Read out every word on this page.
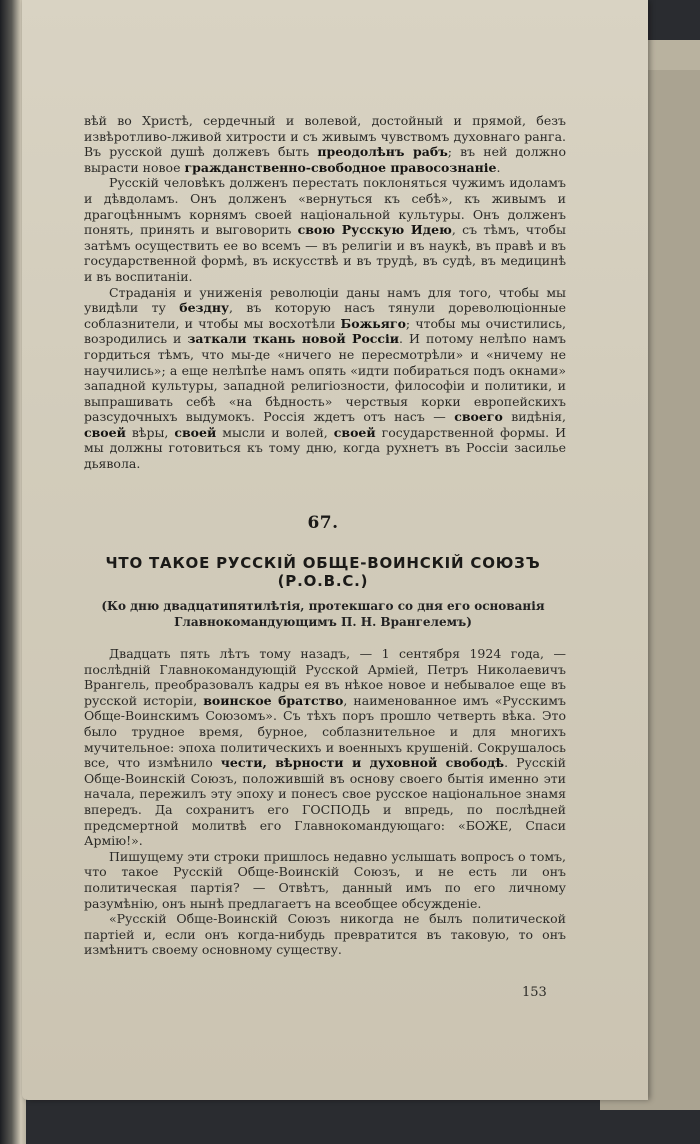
вѣй во Христѣ, сердечный и волевой, достойный и прямой, безъ извѣротливо-лживой хитрости и съ живымъ чувствомъ духовнаго ранга. Въ русской душѣ должевъ быть преодолѣнъ рабъ; въ ней должно вырасти новое гражданственно-свободное правосознаніе.

Русскій человѣкъ долженъ перестать поклоняться чужимъ идоламъ и дѣвдоламъ. Онъ долженъ «вернуться къ себѣ», къ живымъ и драгоцѣннымъ корнямъ своей національной культуры. Онъ долженъ понять, принять и выговорить свою Русскую Идею, съ тѣмъ, чтобы затѣмъ осуществить ее во всемъ — въ религіи и въ наукѣ, въ правѣ и въ государственной формѣ, въ искусствѣ и въ трудѣ, въ судѣ, въ медицинѣ и въ воспитаніи.

Страданія и униженія революціи даны намъ для того, чтобы мы увидѣли ту бездну, въ которую насъ тянули дореволюціонные соблазнители, и чтобы мы восхотѣли Божьяго; чтобы мы очистились, возродились и заткали ткань новой Россіи. И потому нелѣпо намъ гордиться тѣмъ, что мы-де «ничего не пересмотрѣли» и «ничему не научились»; а еще нелѣпѣе намъ опять «идти побираться подъ окнами» западной культуры, западной религіозности, философіи и политики, и выпрашивать себѣ «на бѣдность» черствыя корки европейскихъ разсудочныхъ выдумокъ. Россія ждетъ отъ насъ — своего видѣнія, своей вѣры, своей мысли и волей, своей государственной формы. И мы должны готовиться къ тому дню, когда рухнетъ въ Россіи засилье дьявола.

67.
ЧТО ТАКОЕ РУССКІЙ ОБЩЕ-ВОИНСКІЙ СОЮЗЪ (Р.О.В.С.)
(Ко дню двадцатипятилѣтія, протекшаго со дня его основанія Главнокомандующимъ П. Н. Врангелемъ)

Двадцать пять лѣтъ тому назадъ, — 1 сентября 1924 года, — послѣдній Главнокомандующій Русской Арміей, Петръ Николаевичъ Врангель, преобразовалъ кадры ея въ нѣкое новое и небывалое еще въ русской исторіи, воинское братство, наименованное имъ «Русскимъ Обще-Воинскимъ Союзомъ». Съ тѣхъ поръ прошло четверть вѣка. Это было трудное время, бурное, соблазнительное и для многихъ мучительное: эпоха политическихъ и военныхъ крушеній. Сокрушалось все, что измѣнило чести, вѣрности и духовной свободѣ. Русскій Обще-Воинскій Союзъ, положившій въ основу своего бытія именно эти начала, пережилъ эту эпоху и понесъ свое русское національное знамя впередъ. Да сохранитъ его ГОСПОДЬ и впредь, по послѣдней предсмертной молитвѣ его Главнокомандующаго: «БОЖЕ, Спаси Армію!».

Пишущему эти строки пришлось недавно услышать вопросъ о томъ, что такое Русскій Обще-Воинскій Союзъ, и не есть ли онъ политическая партія? — Отвѣтъ, данный имъ по его личному разумѣнію, онъ нынѣ предлагаетъ на всеобщее обсужденіе.

«Русскій Обще-Воинскій Союзъ никогда не былъ политической партіей и, если онъ когда-нибудь превратится въ таковую, то онъ измѣнитъ своему основному существу.

153
